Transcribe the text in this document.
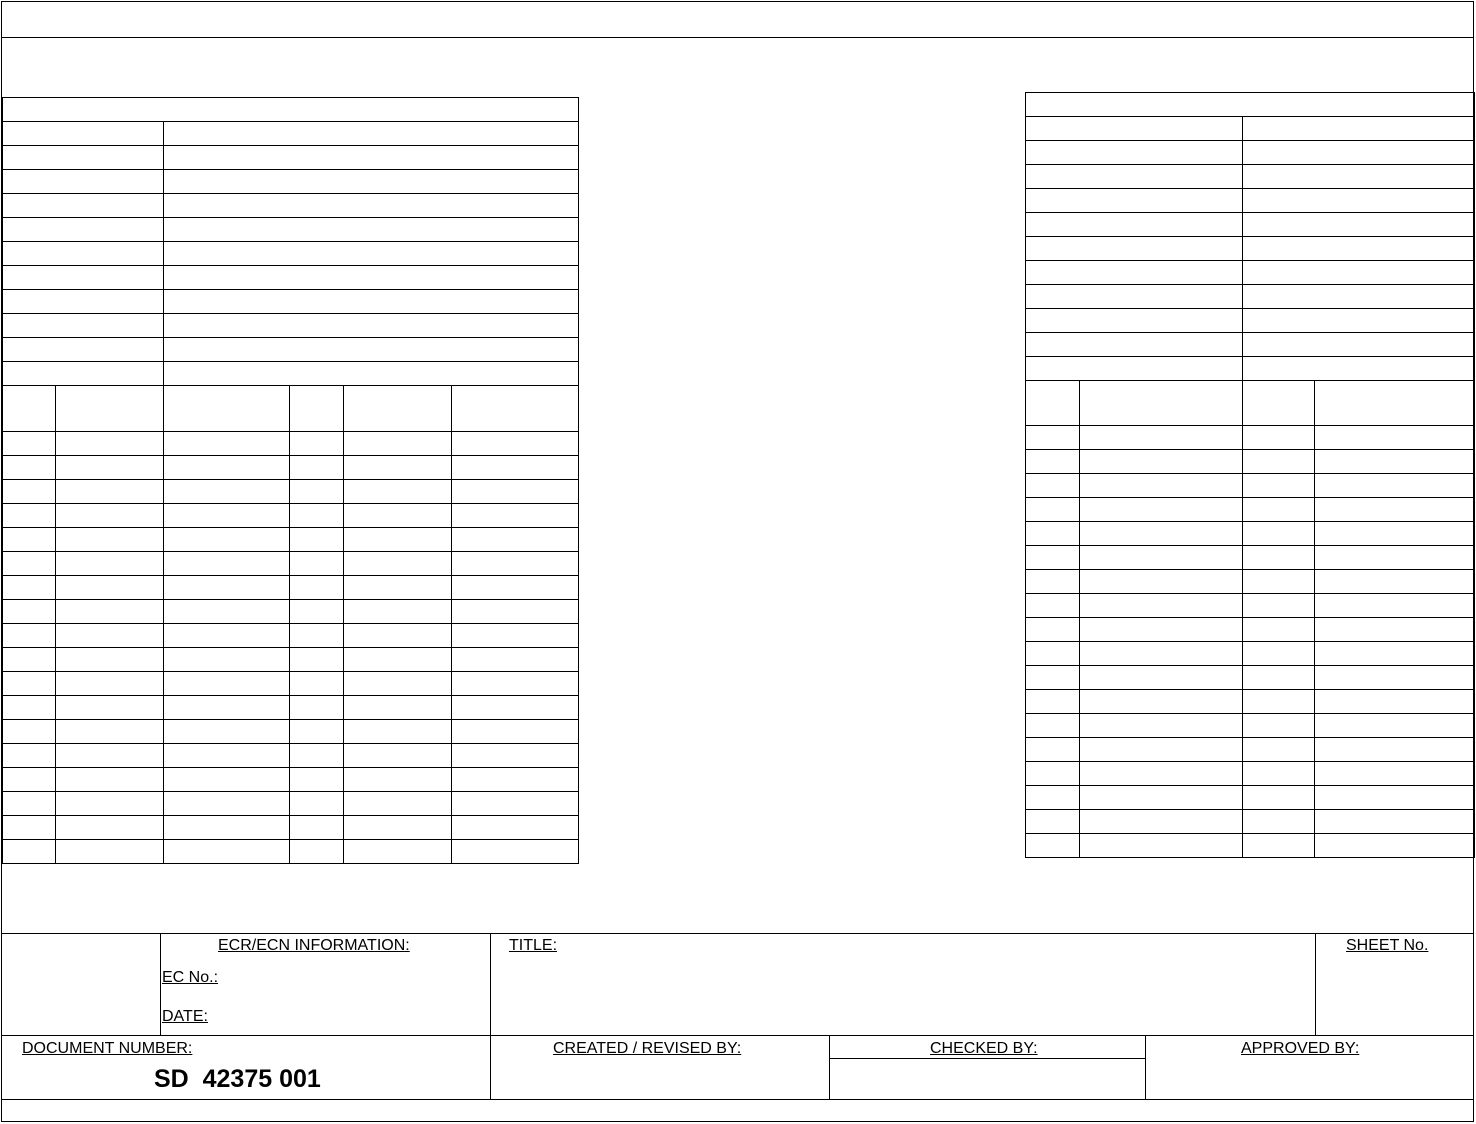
ECR/ECN INFORMATION:
EC No.:
DATE:
TITLE:	SHEET No.
DOCUMENT NUMBER:
SD  42375 001
CREATED / REVISED BY:	CHECKED BY:	APPROVED BY:
